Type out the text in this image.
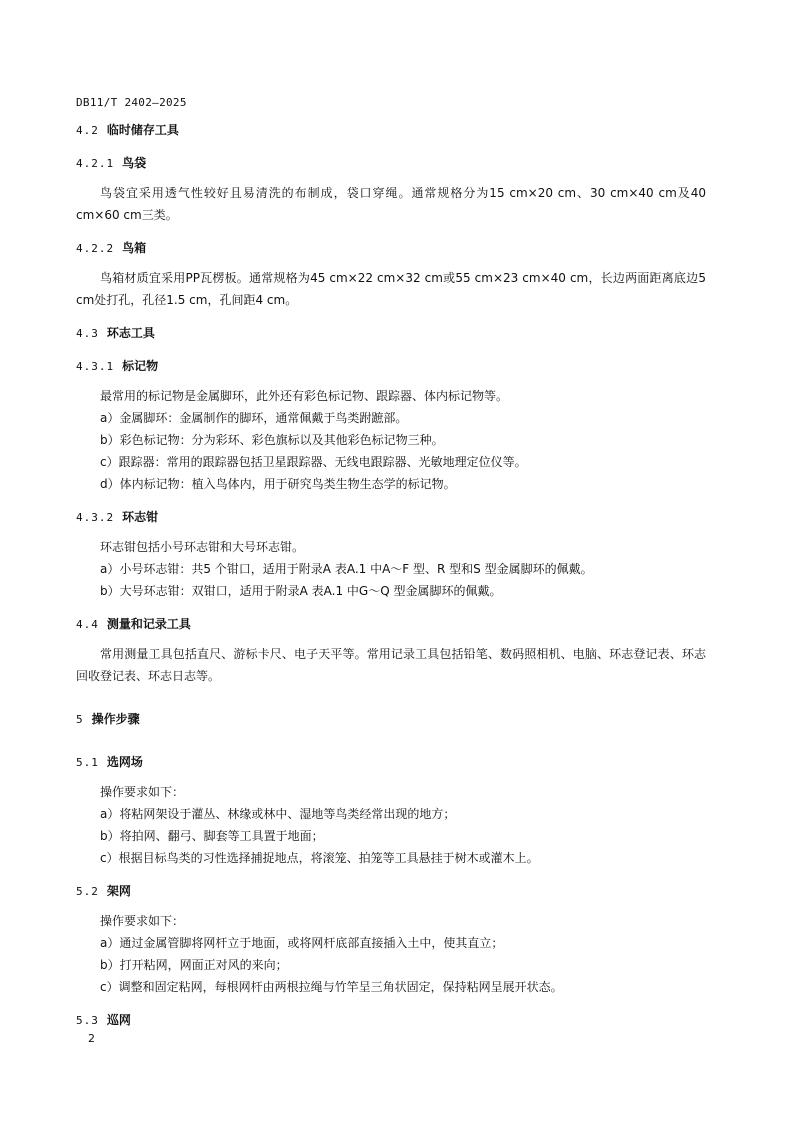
DB11/T 2402—2025

4.2 临时储存工具

4.2.1 鸟袋

鸟袋宜采用透气性较好且易清洗的布制成，袋口穿绳。通常规格分为15 cm×20 cm、30 cm×40 cm及40 cm×60 cm三类。

4.2.2 鸟箱

鸟箱材质宜采用PP瓦楞板。通常规格为45 cm×22 cm×32 cm或55 cm×23 cm×40 cm，长边两面距离底边5 cm处打孔，孔径1.5 cm，孔间距4 cm。

4.3 环志工具

4.3.1 标记物

最常用的标记物是金属脚环，此外还有彩色标记物、跟踪器、体内标记物等。

a）金属脚环：金属制作的脚环，通常佩戴于鸟类跗蹠部。

b）彩色标记物：分为彩环、彩色旗标以及其他彩色标记物三种。

c）跟踪器：常用的跟踪器包括卫星跟踪器、无线电跟踪器、光敏地理定位仪等。

d）体内标记物：植入鸟体内，用于研究鸟类生物生态学的标记物。

4.3.2 环志钳

环志钳包括小号环志钳和大号环志钳。

a）小号环志钳：共5 个钳口，适用于附录A 表A.1 中A～F 型、R 型和S 型金属脚环的佩戴。

b）大号环志钳：双钳口，适用于附录A 表A.1 中G～Q 型金属脚环的佩戴。

4.4 测量和记录工具

常用测量工具包括直尺、游标卡尺、电子天平等。常用记录工具包括铅笔、数码照相机、电脑、环志登记表、环志回收登记表、环志日志等。

5 操作步骤

5.1 选网场

操作要求如下：

a）将粘网架设于灌丛、林缘或林中、湿地等鸟类经常出现的地方；

b）将拍网、翻弓、脚套等工具置于地面；

c）根据目标鸟类的习性选择捕捉地点，将滚笼、拍笼等工具悬挂于树木或灌木上。

5.2 架网

操作要求如下：

a）通过金属管脚将网杆立于地面，或将网杆底部直接插入土中，使其直立；

b）打开粘网，网面正对风的来向；

c）调整和固定粘网，每根网杆由两根拉绳与竹竿呈三角状固定，保持粘网呈展开状态。

5.3 巡网

2
